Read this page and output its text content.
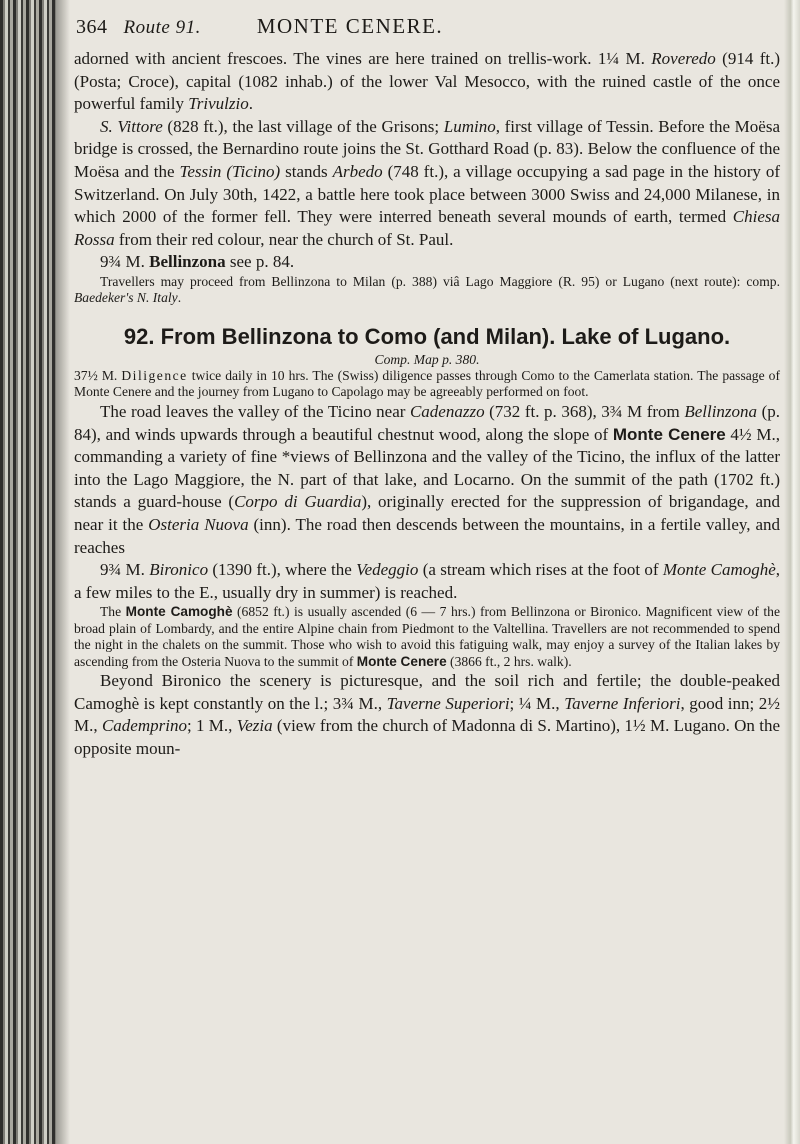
364 Route 91.	MONTE CENERE.

adorned with ancient frescoes. The vines are here trained on trellis-work. 1¼ M. Roveredo (914 ft.) (Posta; Croce), capital (1082 inhab.) of the lower Val Mesocco, with the ruined castle of the once powerful family Trivulzio.

S. Vittore (828 ft.), the last village of the Grisons; Lumino, first village of Tessin. Before the Moësa bridge is crossed, the Bernardino route joins the St. Gotthard Road (p. 83). Below the confluence of the Moësa and the Tessin (Ticino) stands Arbedo (748 ft.), a village occupying a sad page in the history of Switzerland. On July 30th, 1422, a battle here took place between 3000 Swiss and 24,000 Milanese, in which 2000 of the former fell. They were interred beneath several mounds of earth, termed Chiesa Rossa from their red colour, near the church of St. Paul.

9¾ M. Bellinzona see p. 84.

Travellers may proceed from Bellinzona to Milan (p. 388) viâ Lago Maggiore (R. 95) or Lugano (next route): comp. Baedeker's N. Italy.

92. From Bellinzona to Como (and Milan). Lake of Lugano.
Comp. Map p. 380.

37½ M. Diligence twice daily in 10 hrs. The (Swiss) diligence passes through Como to the Camerlata station. The passage of Monte Cenere and the journey from Lugano to Capolago may be agreeably performed on foot.

The road leaves the valley of the Ticino near Cadenazzo (732 ft. p. 368), 3¾ M from Bellinzona (p. 84), and winds upwards through a beautiful chestnut wood, along the slope of Monte Cenere 4½ M., commanding a variety of fine *views of Bellinzona and the valley of the Ticino, the influx of the latter into the Lago Maggiore, the N. part of that lake, and Locarno. On the summit of the path (1702 ft.) stands a guard-house (Corpo di Guardia), originally erected for the suppression of brigandage, and near it the Osteria Nuova (inn). The road then descends between the mountains, in a fertile valley, and reaches

9¾ M. Bironico (1390 ft.), where the Vedeggio (a stream which rises at the foot of Monte Camoghè, a few miles to the E., usually dry in summer) is reached.

The Monte Camoghè (6852 ft.) is usually ascended (6 — 7 hrs.) from Bellinzona or Bironico. Magnificent view of the broad plain of Lombardy, and the entire Alpine chain from Piedmont to the Valtellina. Travellers are not recommended to spend the night in the chalets on the summit. Those who wish to avoid this fatiguing walk, may enjoy a survey of the Italian lakes by ascending from the Osteria Nuova to the summit of Monte Cenere (3866 ft., 2 hrs. walk).

Beyond Bironico the scenery is picturesque, and the soil rich and fertile; the double-peaked Camoghè is kept constantly on the l.; 3¾ M., Taverne Superiori; ¼ M., Taverne Inferiori, good inn; 2½ M., Cademprino; 1 M., Vezia (view from the church of Madonna di S. Martino), 1½ M. Lugano. On the opposite moun-
